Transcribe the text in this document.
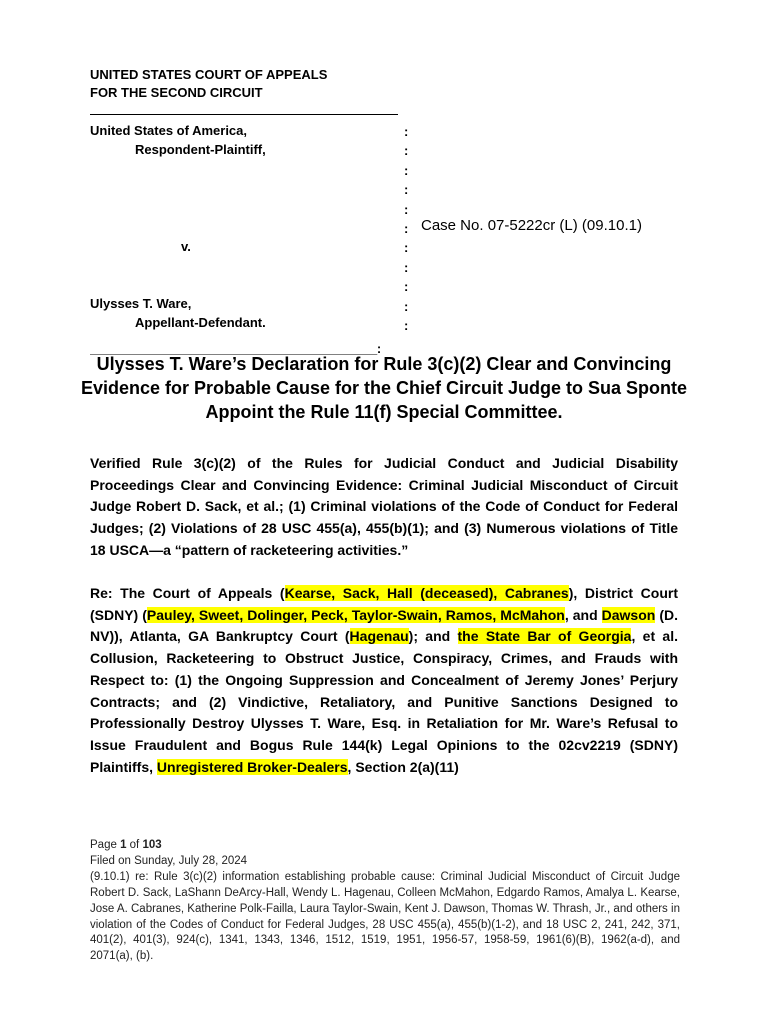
UNITED STATES COURT OF APPEALS
FOR THE SECOND CIRCUIT
United States of America,
Respondent-Plaintiff,
v.
Ulysses T. Ware,
Appellant-Defendant.
:
:
:
:
:
:
:
:
:
:
:
Case No. 07-5222cr (L) (09.10.1)
__________________________________________:
Ulysses T. Ware’s Declaration for Rule 3(c)(2) Clear and Convincing Evidence for Probable Cause for the Chief Circuit Judge to Sua Sponte Appoint the Rule 11(f) Special Committee.
Verified Rule 3(c)(2) of the Rules for Judicial Conduct and Judicial Disability Proceedings Clear and Convincing Evidence: Criminal Judicial Misconduct of Circuit Judge Robert D. Sack, et al.; (1) Criminal violations of the Code of Conduct for Federal Judges; (2) Violations of 28 USC 455(a), 455(b)(1); and (3) Numerous violations of Title 18 USCA—a “pattern of racketeering activities.”
Re: The Court of Appeals (Kearse, Sack, Hall (deceased), Cabranes), District Court (SDNY) (Pauley, Sweet, Dolinger, Peck, Taylor-Swain, Ramos, McMahon, and Dawson (D. NV)), Atlanta, GA Bankruptcy Court (Hagenau); and the State Bar of Georgia, et al. Collusion, Racketeering to Obstruct Justice, Conspiracy, Crimes, and Frauds with Respect to: (1) the Ongoing Suppression and Concealment of Jeremy Jones’ Perjury Contracts; and (2) Vindictive, Retaliatory, and Punitive Sanctions Designed to Professionally Destroy Ulysses T. Ware, Esq. in Retaliation for Mr. Ware’s Refusal to Issue Fraudulent and Bogus Rule 144(k) Legal Opinions to the 02cv2219 (SDNY) Plaintiffs, Unregistered Broker-Dealers, Section 2(a)(11)
Page 1 of 103
Filed on Sunday, July 28, 2024
(9.10.1) re: Rule 3(c)(2) information establishing probable cause: Criminal Judicial Misconduct of Circuit Judge Robert D. Sack, LaShann DeArcy-Hall, Wendy L. Hagenau, Colleen McMahon, Edgardo Ramos, Amalya L. Kearse, Jose A. Cabranes, Katherine Polk-Failla, Laura Taylor-Swain, Kent J. Dawson, Thomas W. Thrash, Jr., and others in violation of the Codes of Conduct for Federal Judges, 28 USC 455(a), 455(b)(1-2), and 18 USC 2, 241, 242, 371, 401(2), 401(3), 924(c), 1341, 1343, 1346, 1512, 1519, 1951, 1956-57, 1958-59, 1961(6)(B), 1962(a-d), and 2071(a), (b).
